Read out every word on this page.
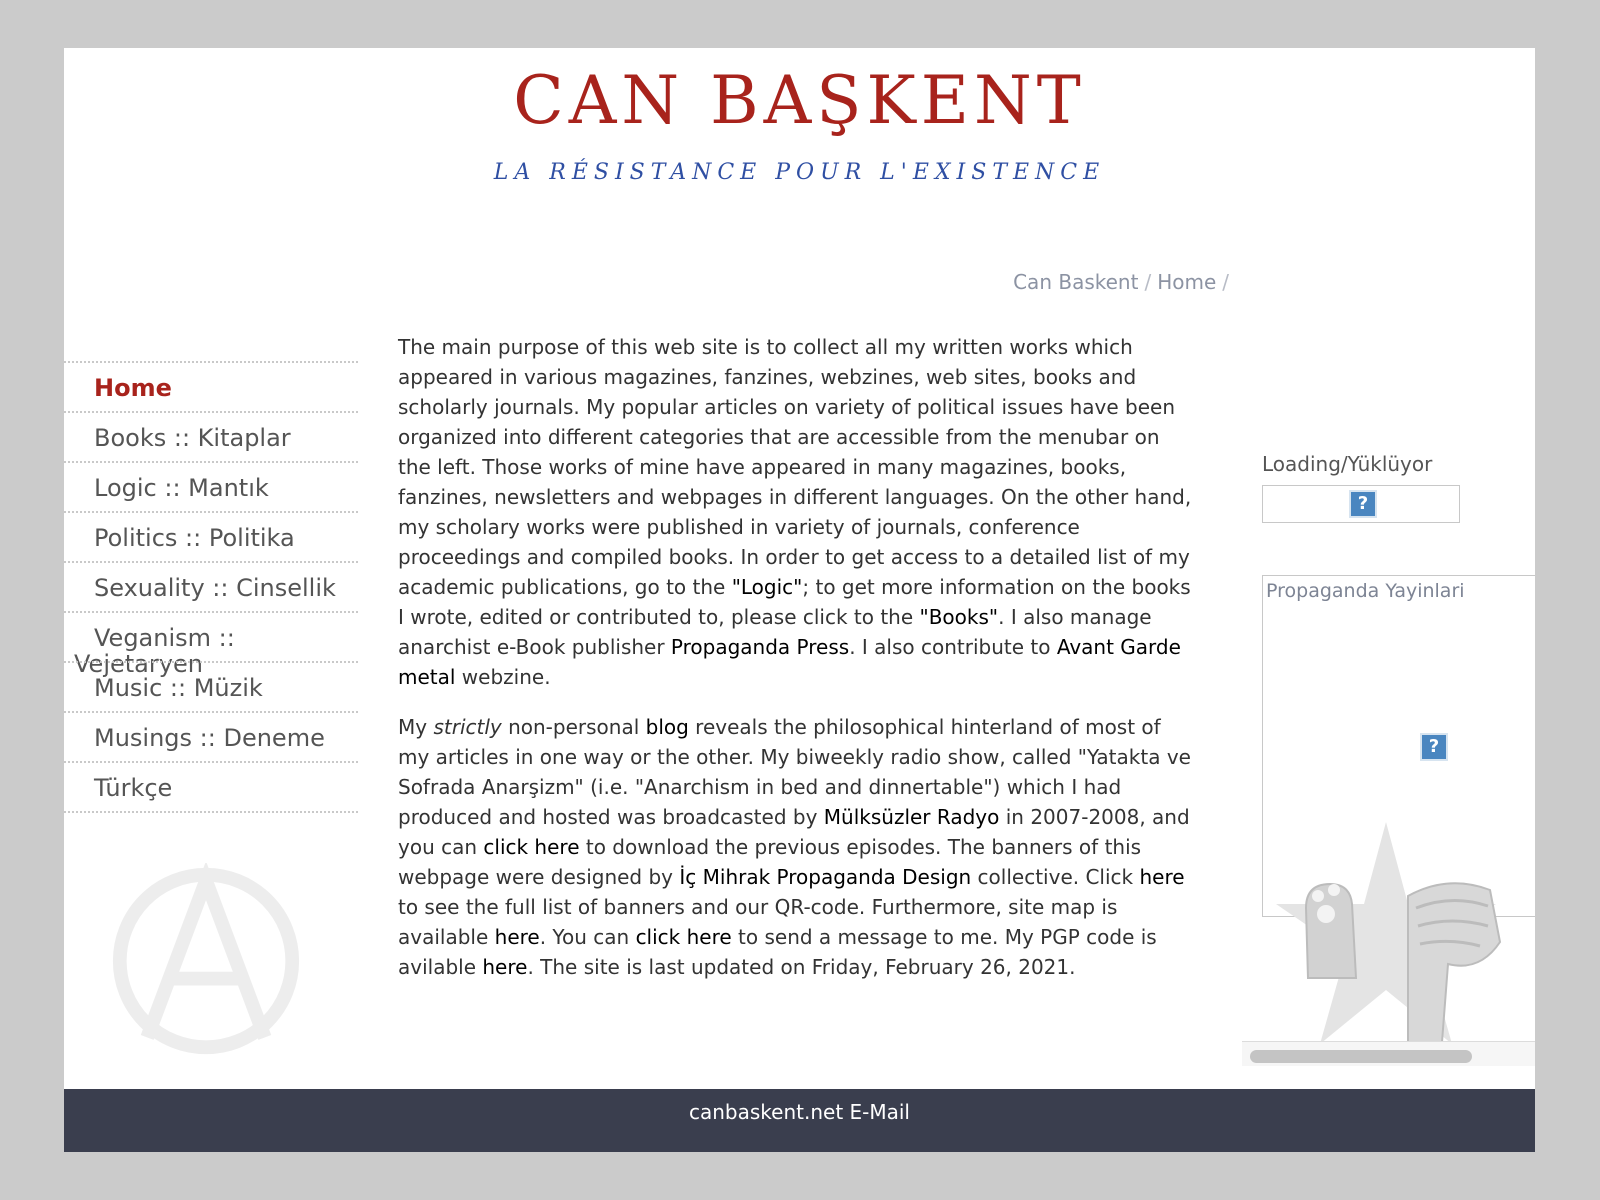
CAN BAŞKENT
LA RÉSISTANCE POUR L'EXISTENCE
Can Baskent / Home /
Home
Books :: Kitaplar
Logic :: Mantık
Politics :: Politika
Sexuality :: Cinsellik
Veganism ::
Vejetaryen
Music :: Müzik
Musings :: Deneme
Türkçe

The main purpose of this web site is to collect all my written works which appeared in various magazines, fanzines, webzines, web sites, books and scholarly journals. My popular articles on variety of political issues have been organized into different categories that are accessible from the menubar on the left. Those works of mine have appeared in many magazines, books, fanzines, newsletters and webpages in different languages. On the other hand, my scholary works were published in variety of journals, conference proceedings and compiled books. In order to get access to a detailed list of my academic publications, go to the "Logic"; to get more information on the books I wrote, edited or contributed to, please click to the "Books". I also manage anarchist e-Book publisher Propaganda Press. I also contribute to Avant Garde metal webzine.

My strictly non-personal blog reveals the philosophical hinterland of most of my articles in one way or the other. My biweekly radio show, called "Yatakta ve Sofrada Anarşizm" (i.e. "Anarchism in bed and dinnertable") which I had produced and hosted was broadcasted by Mülksüzler Radyo in 2007-2008, and you can click here to download the previous episodes. The banners of this webpage were designed by İç Mihrak Propaganda Design collective. Click here to see the full list of banners and our QR-code. Furthermore, site map is available here. You can click here to send a message to me. My PGP code is avilable here. The site is last updated on Friday, February 26, 2021.

Loading/Yüklüyor
?
Propaganda Yayinlari
?
canbaskent.net E-Mail
